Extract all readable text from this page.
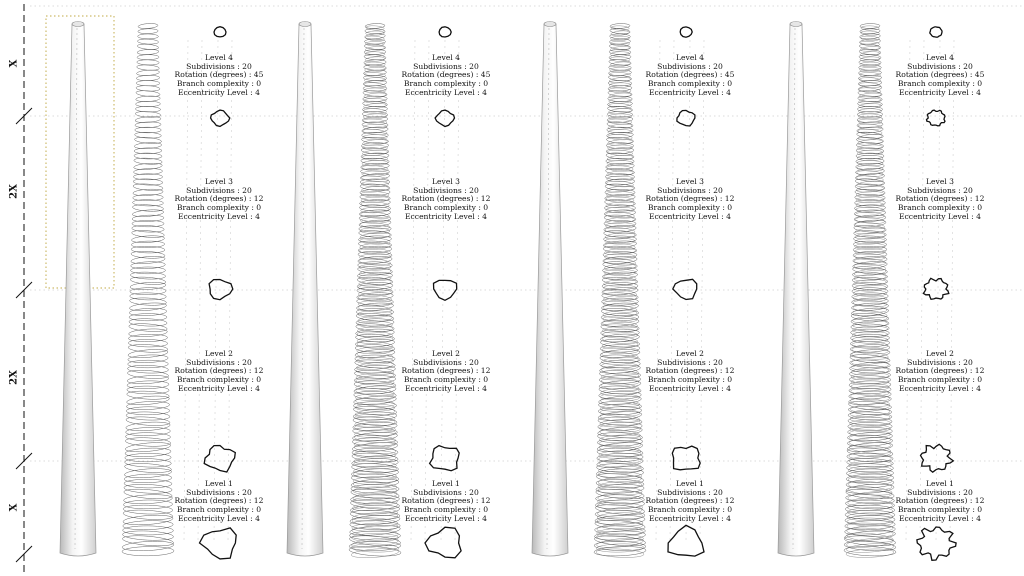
X
2X
2X
X
Level 4
Subdivisions : 20
Rotation (degrees) : 45
Branch complexity : 0
Eccentricity Level : 4
Level 3
Subdivisions : 20
Rotation (degrees) : 12
Branch complexity : 0
Eccentricity Level : 4
Level 2
Subdivisions : 20
Rotation (degrees) : 12
Branch complexity : 0
Eccentricity Level : 4
Level 1
Subdivisions : 20
Rotation (degrees) : 12
Branch complexity : 0
Eccentricity Level : 4
Level 4
Subdivisions : 20
Rotation (degrees) : 45
Branch complexity : 0
Eccentricity Level : 4
Level 3
Subdivisions : 20
Rotation (degrees) : 12
Branch complexity : 0
Eccentricity Level : 4
Level 2
Subdivisions : 20
Rotation (degrees) : 12
Branch complexity : 0
Eccentricity Level : 4
Level 1
Subdivisions : 20
Rotation (degrees) : 12
Branch complexity : 0
Eccentricity Level : 4
Level 4
Subdivisions : 20
Rotation (degrees) : 45
Branch complexity : 0
Eccentricity Level : 4
Level 3
Subdivisions : 20
Rotation (degrees) : 12
Branch complexity : 0
Eccentricity Level : 4
Level 2
Subdivisions : 20
Rotation (degrees) : 12
Branch complexity : 0
Eccentricity Level : 4
Level 1
Subdivisions : 20
Rotation (degrees) : 12
Branch complexity : 0
Eccentricity Level : 4
Level 4
Subdivisions : 20
Rotation (degrees) : 45
Branch complexity : 0
Eccentricity Level : 4
Level 3
Subdivisions : 20
Rotation (degrees) : 12
Branch complexity : 0
Eccentricity Level : 4
Level 2
Subdivisions : 20
Rotation (degrees) : 12
Branch complexity : 0
Eccentricity Level : 4
Level 1
Subdivisions : 20
Rotation (degrees) : 12
Branch complexity : 0
Eccentricity Level : 4
